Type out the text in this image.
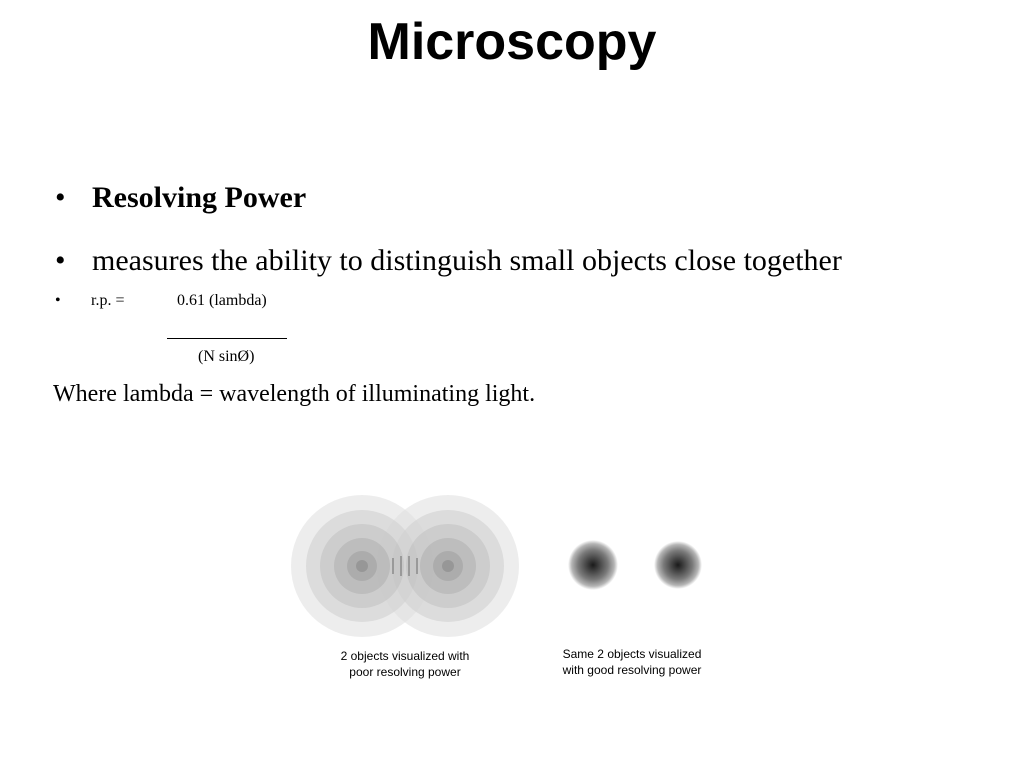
Microscopy
• Resolving Power
• measures the ability to distinguish small objects close together
• r.p. =	0.61 (lambda)
(N sinØ)
Where lambda = wavelength of illuminating light.
2 objects visualized with
poor resolving power
Same 2 objects visualized
with good resolving power
